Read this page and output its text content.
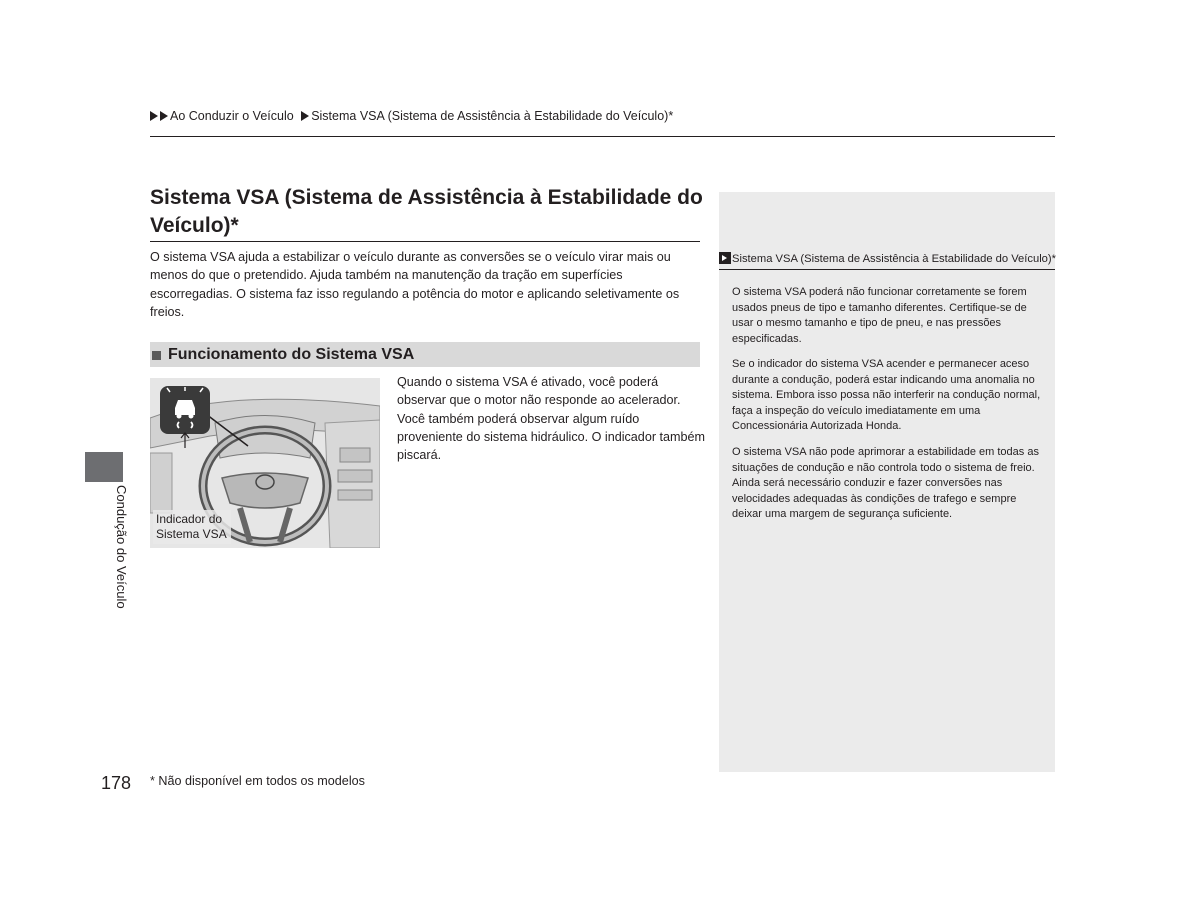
Ao Conduzir o Veículo Sistema VSA (Sistema de Assistência à Estabilidade do Veículo)*
Sistema VSA (Sistema de Assistência à Estabilidade do Veículo)*

O sistema VSA ajuda a estabilizar o veículo durante as conversões se o veículo virar mais ou menos do que o pretendido. Ajuda também na manutenção da tração em superfícies escorregadias. O sistema faz isso regulando a potência do motor e aplicando seletivamente os freios.

Funcionamento do Sistema VSA
Indicador do
Sistema VSA

Quando o sistema VSA é ativado, você poderá observar que o motor não responde ao acelerador. Você também poderá observar algum ruído proveniente do sistema hidráulico. O indicador também piscará.

Condução do Veículo
Sistema VSA (Sistema de Assistência à Estabilidade do Veículo)*

O sistema VSA poderá não funcionar corretamente se forem usados pneus de tipo e tamanho diferentes. Certifique-se de usar o mesmo tamanho e tipo de pneu, e nas pressões especificadas.

Se o indicador do sistema VSA acender e permanecer aceso durante a condução, poderá estar indicando uma anomalia no sistema. Embora isso possa não interferir na condução normal, faça a inspeção do veículo imediatamente em uma Concessionária Autorizada Honda.

O sistema VSA não pode aprimorar a estabilidade em todas as situações de condução e não controla todo o sistema de freio. Ainda será necessário conduzir e fazer conversões nas velocidades adequadas às condições de trafego e sempre deixar uma margem de segurança suficiente.

178 * Não disponível em todos os modelos
